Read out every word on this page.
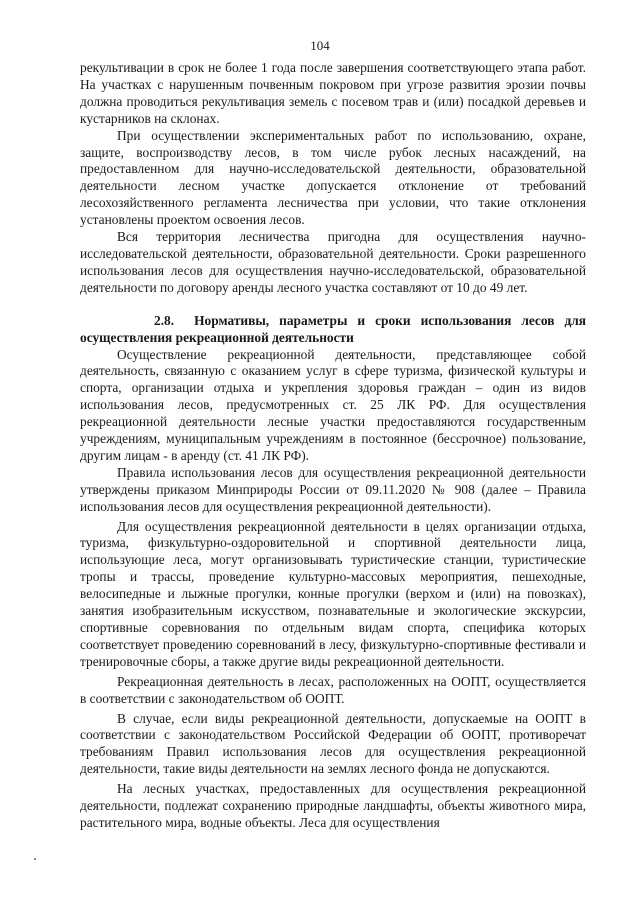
104

рекультивации в срок не более 1 года после завершения соответствующего этапа работ. На участках с нарушенным почвенным покровом при угрозе развития эрозии почвы должна проводиться рекультивация земель с посевом трав и (или) посадкой деревьев и кустарников на склонах.

При осуществлении экспериментальных работ по использованию, охране, защите, воспроизводству лесов, в том числе рубок лесных насаждений, на предоставленном для научно-исследовательской деятельности, образовательной деятельности лесном участке допускается отклонение от требований лесохозяйственного регламента лесничества при условии, что такие отклонения установлены проектом освоения лесов.

Вся территория лесничества пригодна для осуществления научно-исследовательской деятельности, образовательной деятельности. Сроки разрешенного использования лесов для осуществления научно-исследовательской, образовательной деятельности по договору аренды лесного участка составляют от 10 до 49 лет.

2.8. Нормативы, параметры и сроки использования лесов для осуществления рекреационной деятельности

Осуществление рекреационной деятельности, представляющее собой деятельность, связанную с оказанием услуг в сфере туризма, физической культуры и спорта, организации отдыха и укрепления здоровья граждан – один из видов использования лесов, предусмотренных ст. 25 ЛК РФ. Для осуществления рекреационной деятельности лесные участки предоставляются государственным учреждениям, муниципальным учреждениям в постоянное (бессрочное) пользование, другим лицам - в аренду (ст. 41 ЛК РФ).

Правила использования лесов для осуществления рекреационной деятельности утверждены приказом Минприроды России от 09.11.2020 № 908 (далее – Правила использования лесов для осуществления рекреационной деятельности).

Для осуществления рекреационной деятельности в целях организации отдыха, туризма, физкультурно-оздоровительной и спортивной деятельности лица, использующие леса, могут организовывать туристические станции, туристические тропы и трассы, проведение культурно-массовых мероприятия, пешеходные, велосипедные и лыжные прогулки, конные прогулки (верхом и (или) на повозках), занятия изобразительным искусством, познавательные и экологические экскурсии, спортивные соревнования по отдельным видам спорта, специфика которых соответствует проведению соревнований в лесу, физкультурно-спортивные фестивали и тренировочные сборы, а также другие виды рекреационной деятельности.

Рекреационная деятельность в лесах, расположенных на ООПТ, осуществляется в соответствии с законодательством об ООПТ.

В случае, если виды рекреационной деятельности, допускаемые на ООПТ в соответствии с законодательством Российской Федерации об ООПТ, противоречат требованиям Правил использования лесов для осуществления рекреационной деятельности, такие виды деятельности на землях лесного фонда не допускаются.

На лесных участках, предоставленных для осуществления рекреационной деятельности, подлежат сохранению природные ландшафты, объекты животного мира, растительного мира, водные объекты. Леса для осуществления
